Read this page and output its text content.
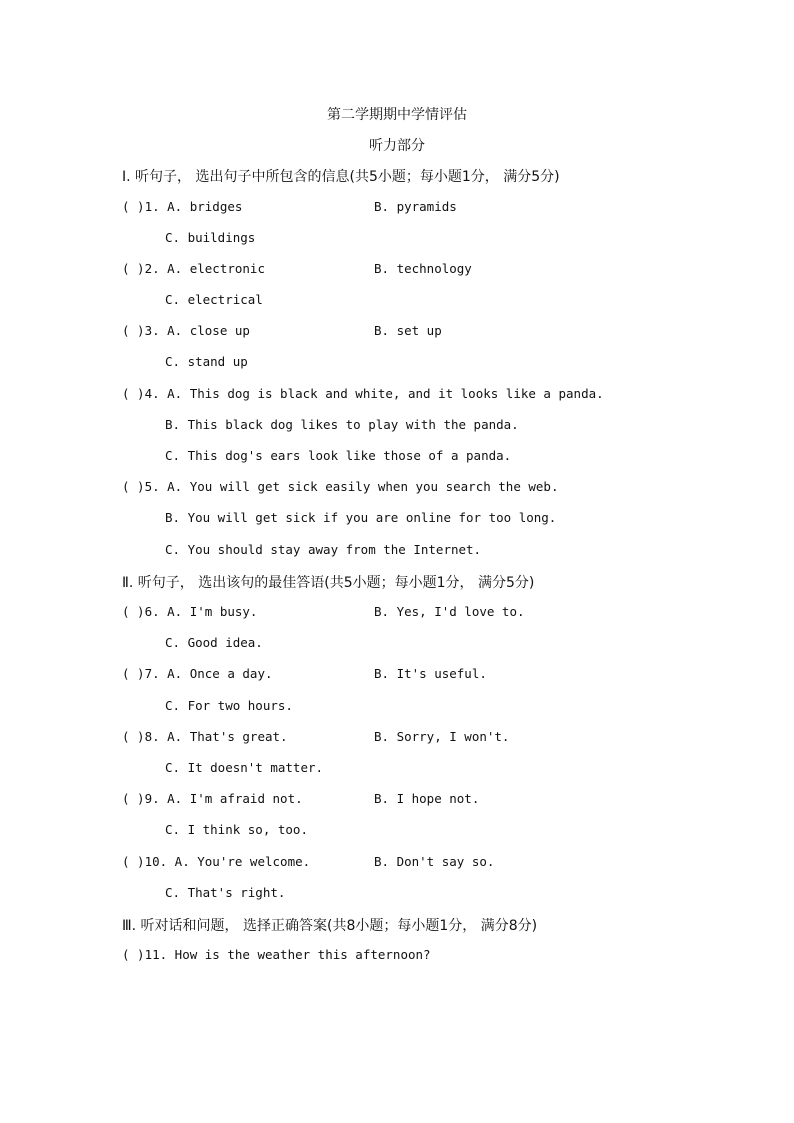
第二学期期中学情评估
听力部分
Ⅰ. 听句子， 选出句子中所包含的信息(共5小题；每小题1分， 满分5分)
( )1. A. bridges	B. pyramids
C. buildings
( )2. A. electronic	B. technology
C. electrical
( )3. A. close up	B. set up
C. stand up
( )4. A. This dog is black and white, and it looks like a panda.
B. This black dog likes to play with the panda.
C. This dog's ears look like those of a panda.
( )5. A. You will get sick easily when you search the web.
B. You will get sick if you are online for too long.
C. You should stay away from the Internet.
Ⅱ. 听句子， 选出该句的最佳答语(共5小题；每小题1分， 满分5分)
( )6. A. I'm busy.	B. Yes, I'd love to.
C. Good idea.
( )7. A. Once a day.	B. It's useful.
C. For two hours.
( )8. A. That's great.	B. Sorry, I won't.
C. It doesn't matter.
( )9. A. I'm afraid not.	B. I hope not.
C. I think so, too.
( )10. A. You're welcome.	B. Don't say so.
C. That's right.
Ⅲ. 听对话和问题， 选择正确答案(共8小题；每小题1分， 满分8分)
( )11. How is the weather this afternoon?
